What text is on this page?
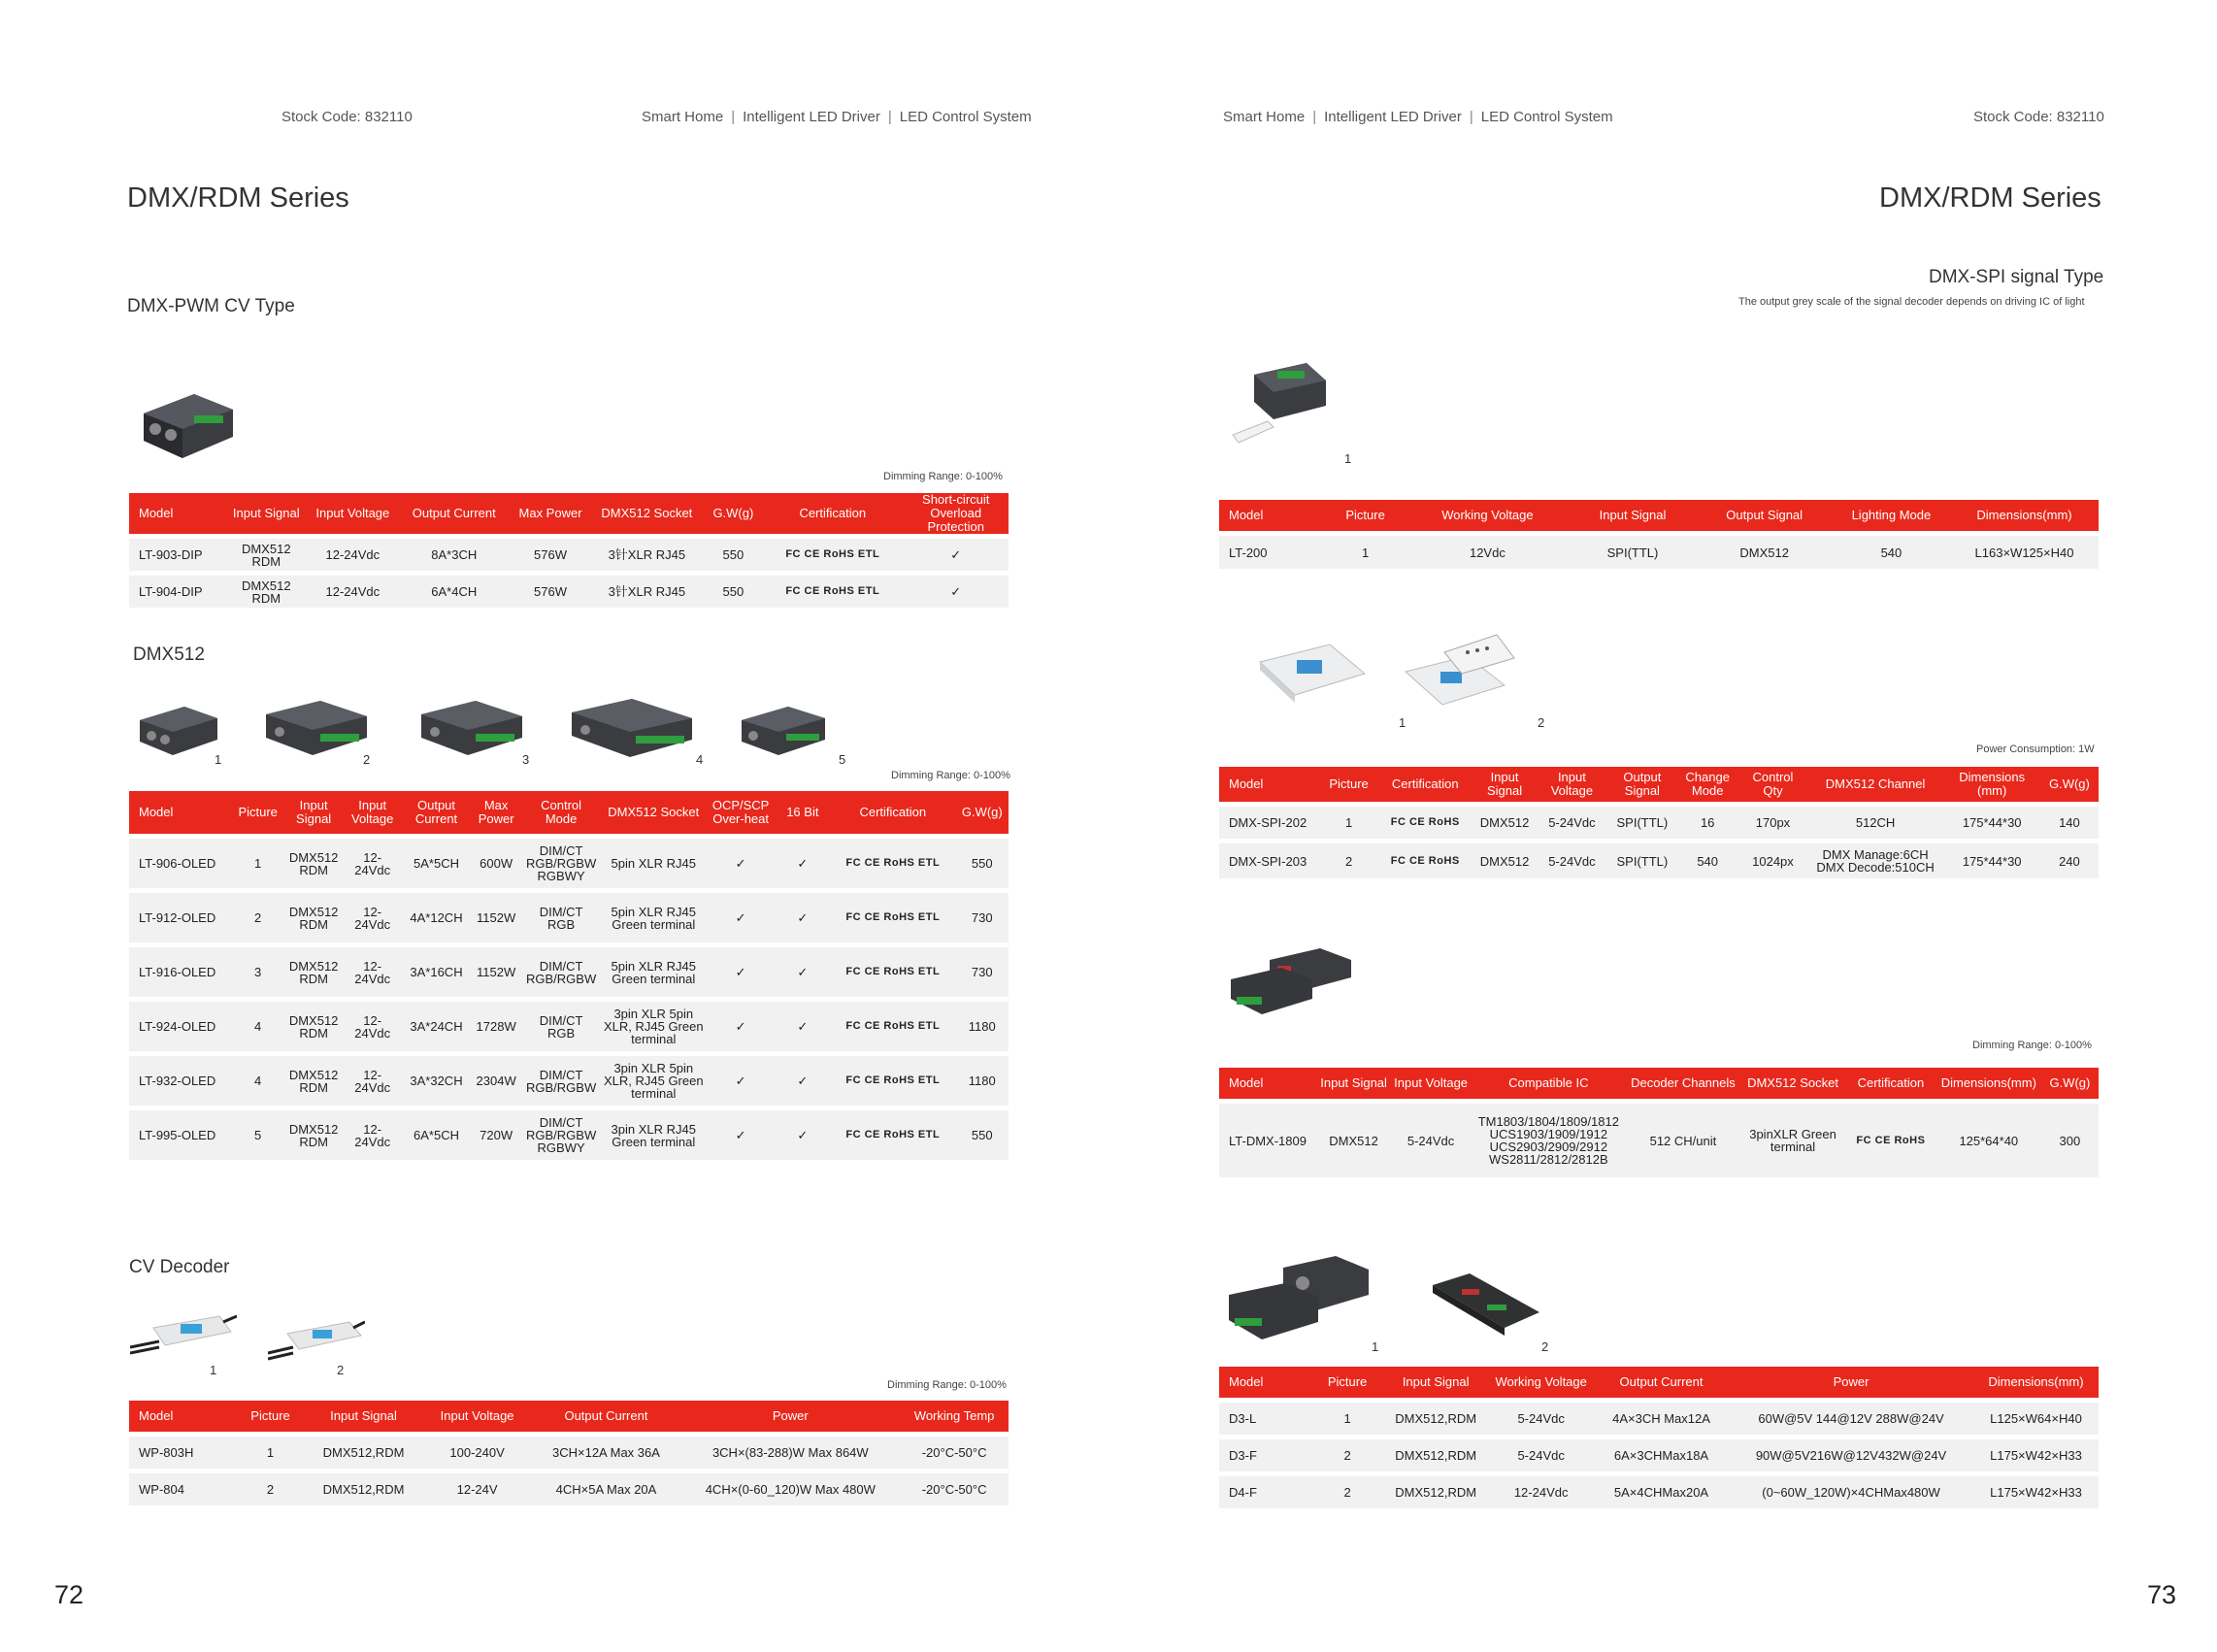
Stock Code: 832110	Smart Home | Intelligent LED Driver | LED Control System
DMX/RDM Series
DMX-PWM CV Type
Dimming Range: 0-100%
Model	Input Signal	Input Voltage	Output Current	Max Power	DMX512 Socket	G.W(g)	Certification	Short-circuit Overload Protection
LT-903-DIP	DMX512 RDM	12-24Vdc	8A*3CH	576W	3针XLR RJ45	550	FC CE RoHS ETL	✓
LT-904-DIP	DMX512 RDM	12-24Vdc	6A*4CH	576W	3针XLR RJ45	550	FC CE RoHS ETL	✓
DMX512
1	2	3	4	5
Dimming Range: 0-100%
Model	Picture	Input Signal	Input Voltage	Output Current	Max Power	Control Mode	DMX512 Socket	OCP/SCP Over-heat	16 Bit	Certification	G.W(g)
LT-906-OLED	1	DMX512 RDM	12-24Vdc	5A*5CH	600W	DIM/CT RGB/RGBW RGBWY	5pin XLR RJ45	✓	✓	FC CE RoHS ETL	550
LT-912-OLED	2	DMX512 RDM	12-24Vdc	4A*12CH	1152W	DIM/CT RGB	5pin XLR RJ45 Green terminal	✓	✓	FC CE RoHS ETL	730
LT-916-OLED	3	DMX512 RDM	12-24Vdc	3A*16CH	1152W	DIM/CT RGB/RGBW	5pin XLR RJ45 Green terminal	✓	✓	FC CE RoHS ETL	730
LT-924-OLED	4	DMX512 RDM	12-24Vdc	3A*24CH	1728W	DIM/CT RGB	3pin XLR 5pin XLR, RJ45 Green terminal	✓	✓	FC CE RoHS ETL	1180
LT-932-OLED	4	DMX512 RDM	12-24Vdc	3A*32CH	2304W	DIM/CT RGB/RGBW	3pin XLR 5pin XLR, RJ45 Green terminal	✓	✓	FC CE RoHS ETL	1180
LT-995-OLED	5	DMX512 RDM	12-24Vdc	6A*5CH	720W	DIM/CT RGB/RGBW RGBWY	3pin XLR RJ45 Green terminal	✓	✓	FC CE RoHS ETL	550
CV Decoder
1	2
Dimming Range: 0-100%
Model	Picture	Input Signal	Input Voltage	Output Current	Power	Working Temp
WP-803H	1	DMX512,RDM	100-240V	3CH×12A Max 36A	3CH×(83-288)W Max 864W	-20°C-50°C
WP-804	2	DMX512,RDM	12-24V	4CH×5A Max 20A	4CH×(0-60_120)W Max 480W	-20°C-50°C
72
Smart Home | Intelligent LED Driver | LED Control System	Stock Code: 832110
DMX/RDM Series
DMX-SPI signal Type
The output grey scale of the signal decoder depends on driving IC of light
1
Model	Picture	Working Voltage	Input Signal	Output Signal	Lighting Mode	Dimensions(mm)
LT-200	1	12Vdc	SPI(TTL)	DMX512	540	L163×W125×H40
1	2
Power Consumption: 1W
Model	Picture	Certification	Input Signal	Input Voltage	Output Signal	Change Mode	Control Qty	DMX512 Channel	Dimensions (mm)	G.W(g)
DMX-SPI-202	1	FC CE RoHS	DMX512	5-24Vdc	SPI(TTL)	16	170px	512CH	175*44*30	140
DMX-SPI-203	2	FC CE RoHS	DMX512	5-24Vdc	SPI(TTL)	540	1024px	DMX Manage:6CH DMX Decode:510CH	175*44*30	240
Dimming Range: 0-100%
Model	Input Signal	Input Voltage	Compatible IC	Decoder Channels	DMX512 Socket	Certification	Dimensions(mm)	G.W(g)
LT-DMX-1809	DMX512	5-24Vdc	TM1803/1804/1809/1812 UCS1903/1909/1912 UCS2903/2909/2912 WS2811/2812/2812B	512 CH/unit	3pinXLR Green terminal	FC CE RoHS	125*64*40	300
1	2
Model	Picture	Input Signal	Working Voltage	Output Current	Power	Dimensions(mm)
D3-L	1	DMX512,RDM	5-24Vdc	4A×3CH Max12A	60W@5V 144@12V 288W@24V	L125×W64×H40
D3-F	2	DMX512,RDM	5-24Vdc	6A×3CHMax18A	90W@5V216W@12V432W@24V	L175×W42×H33
D4-F	2	DMX512,RDM	12-24Vdc	5A×4CHMax20A	(0~60W_120W)×4CHMax480W	L175×W42×H33
73
